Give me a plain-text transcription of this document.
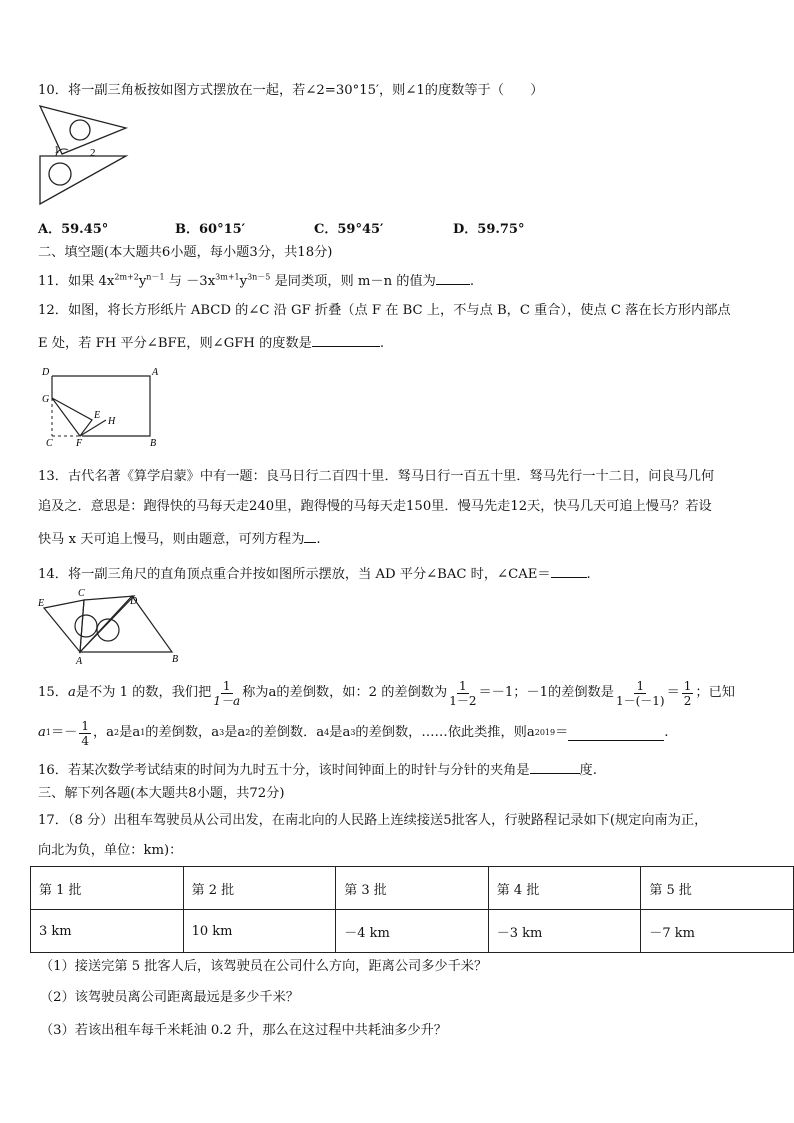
10．将一副三角板按如图方式摆放在一起，若∠2=30°15′，则∠1的度数等于（　　）
1	2
A．59.45°	B．60°15′	C．59°45′	D．59.75°
二、填空题(本大题共6小题，每小题3分，共18分)
11．如果 $4x^{2m+2}y^{n-1}$ 与 $-3x^{3m+1}y^{3n-5}$ 是同类项，则 m－n 的值为	.
12．如图，将长方形纸片 ABCD 的∠C 沿 GF 折叠（点 F 在 BC 上，不与点 B，C 重合），使点 C 落在长方形内部点
E 处，若 FH 平分∠BFE，则∠GFH 的度数是	.
D	A
G
E
H
C F	B
13．古代名著《算学启蒙》中有一题：良马日行二百四十里．驽马日行一百五十里．驽马先行一十二日，问良马几何
追及之．意思是：跑得快的马每天走240里，跑得慢的马每天走150里．慢马先走12天，快马几天可追上慢马？若设
快马 x 天可追上慢马，则由题意，可列方程为 .
14．将一副三角尺的直角顶点重合并按如图所示摆放，当 AD 平分∠BAC 时，∠CAE＝	.
E
C
D
A	B
15． a 是不为 1 的数，我们把 $\frac{1}{1-a}$ 称为a的差倒数，如：2 的差倒数为 $\frac{1}{1-2} =-1$；－1的差倒数是 $\frac{1}{1-(-1)} = \frac{1}{2}$ ；已知
a $1 =- \frac{1}{4}$ ，a 2 是a 1 的差倒数，a 3 是a 2 的差倒数．a 4 是a 3 的差倒数，……依此类推，则a 2019 ＝	.
16．若某次数学考试结束的时间为九时五十分，该时间钟面上的时针与分针的夹角是	度.
三、解下列各题(本大题共8小题，共72分)
17．（8 分）出租车驾驶员从公司出发，在南北向的人民路上连续接送5批客人，行驶路程记录如下(规定向南为正，
向北为负，单位：km)：
第 1 批	第 2 批	第 3 批	第 4 批	第 5 批
3 km	10 km	－4 km	－3 km	－7 km
（1）接送完第 5 批客人后，该驾驶员在公司什么方向，距离公司多少千米？
（2）该驾驶员离公司距离最远是多少千米？
（3）若该出租车每千米耗油 0.2 升，那么在这过程中共耗油多少升？
